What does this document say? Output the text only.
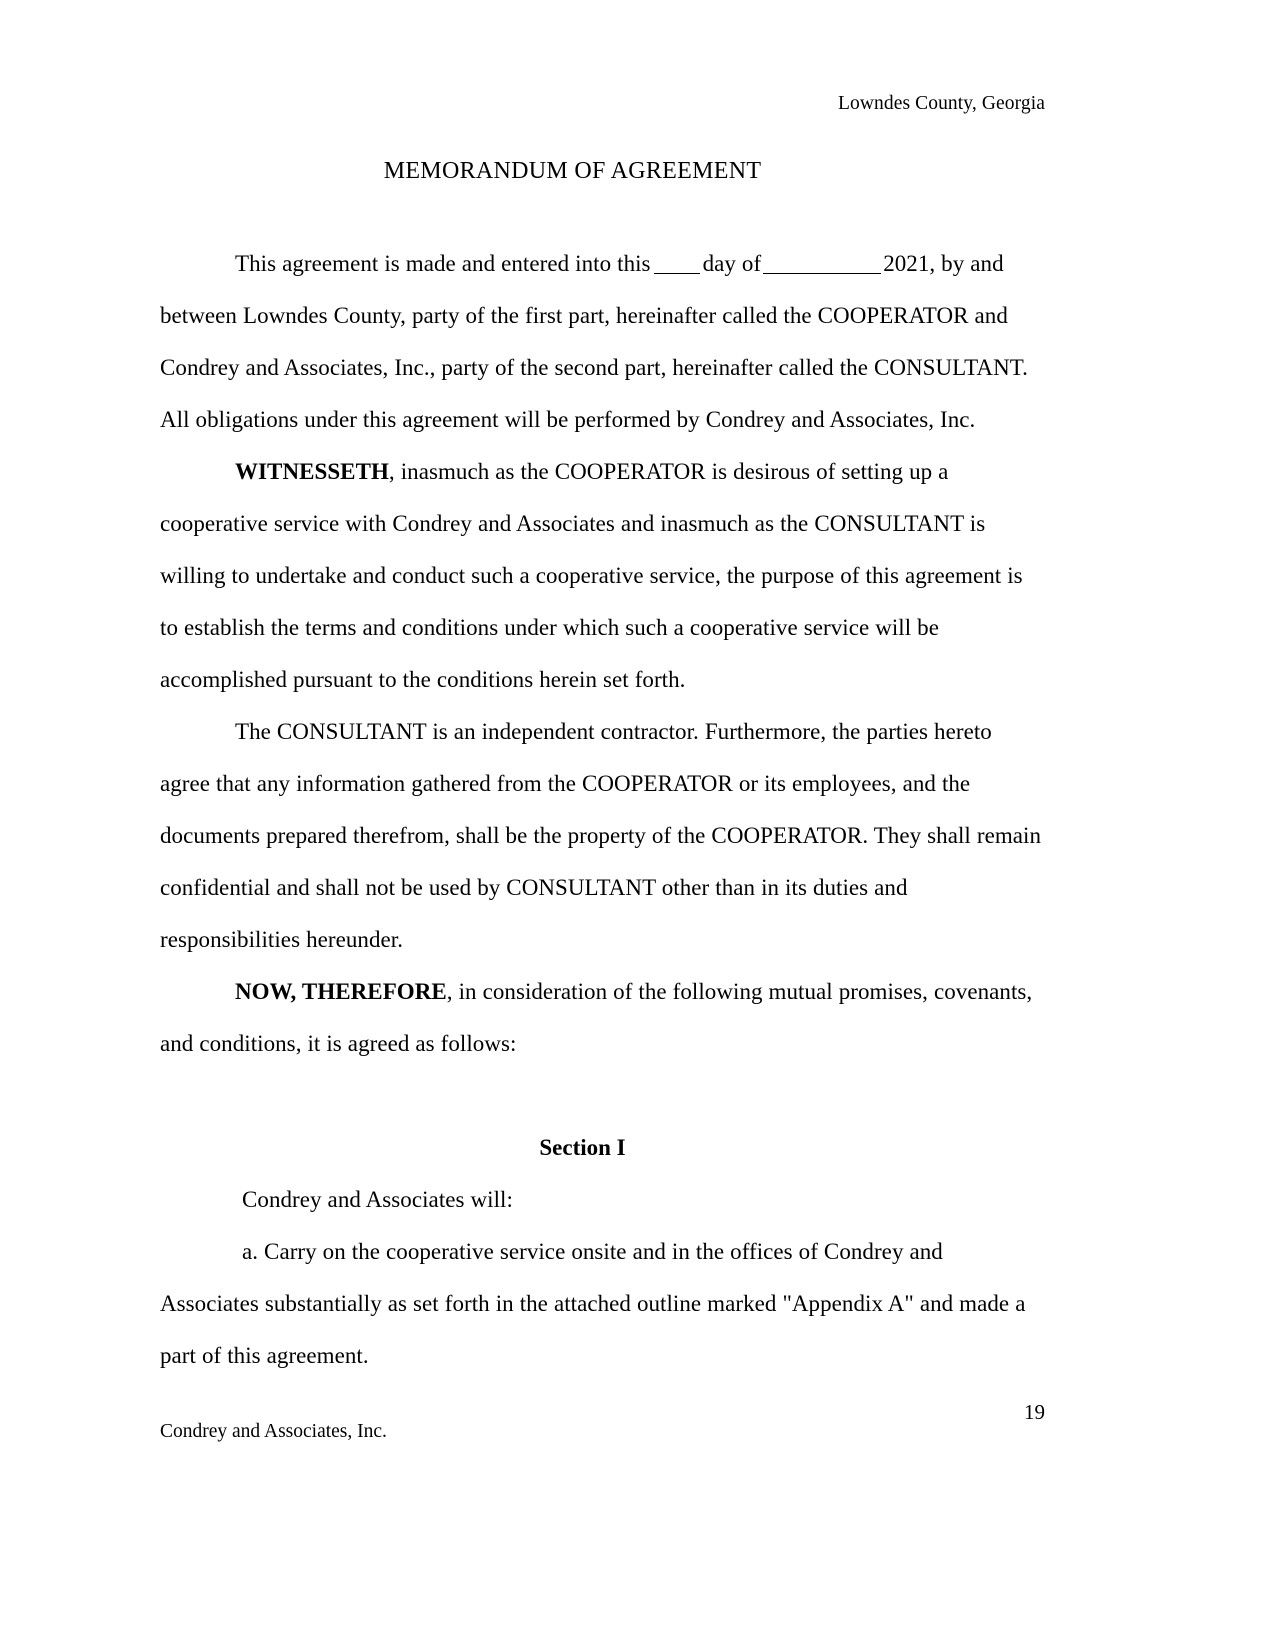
Lowndes County, Georgia
MEMORANDUM OF AGREEMENT

This agreement is made and entered into this day of	2021, by and between Lowndes County, party of the first part, hereinafter called the COOPERATOR and Condrey and Associates, Inc., party of the second part, hereinafter called the CONSULTANT. All obligations under this agreement will be performed by Condrey and Associates, Inc.

WITNESSETH, inasmuch as the COOPERATOR is desirous of setting up a cooperative service with Condrey and Associates and inasmuch as the CONSULTANT is willing to undertake and conduct such a cooperative service, the purpose of this agreement is to establish the terms and conditions under which such a cooperative service will be accomplished pursuant to the conditions herein set forth.

The CONSULTANT is an independent contractor. Furthermore, the parties hereto agree that any information gathered from the COOPERATOR or its employees, and the documents prepared therefrom, shall be the property of the COOPERATOR. They shall remain confidential and shall not be used by CONSULTANT other than in its duties and responsibilities hereunder.

NOW, THEREFORE, in consideration of the following mutual promises, covenants, and conditions, it is agreed as follows:

Section I

Condrey and Associates will:

a. Carry on the cooperative service onsite and in the offices of Condrey and Associates substantially as set forth in the attached outline marked "Appendix A" and made a part of this agreement.

19
Condrey and Associates, Inc.
